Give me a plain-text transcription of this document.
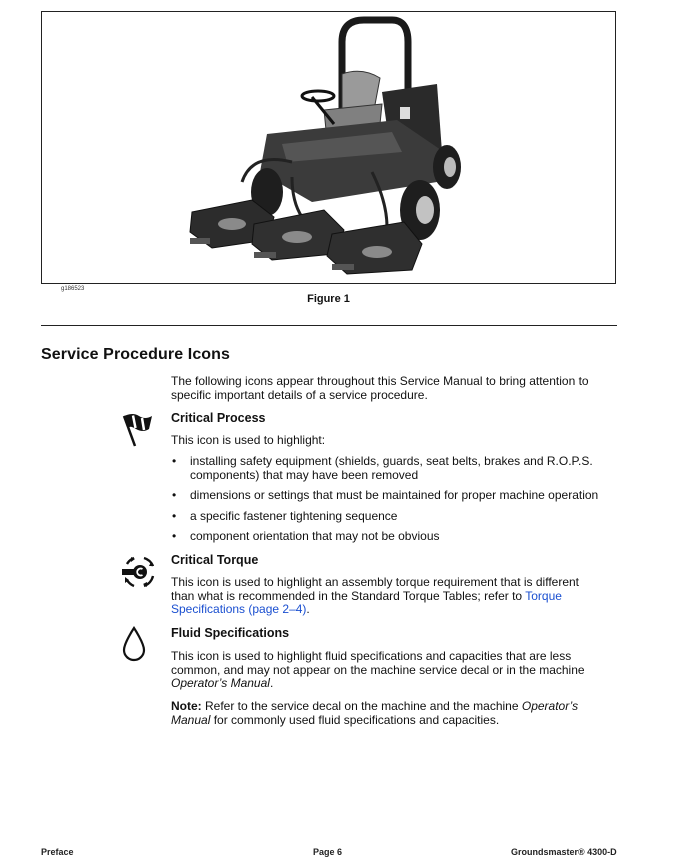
g186523
Figure 1
Service Procedure Icons

The following icons appear throughout this Service Manual to bring attention to
specific important details of a service procedure.

Critical Process

This icon is used to highlight:

• installing safety equipment (shields, guards, seat belts, brakes and R.O.P.S.
components) that may have been removed
• dimensions or settings that must be maintained for proper machine operation
• a specific fastener tightening sequence
• component orientation that may not be obvious
Critical Torque

This icon is used to highlight an assembly torque requirement that is different
than what is recommended in the Standard Torque Tables; refer to Torque
Specifications (page 2–4).

Fluid Specifications

This icon is used to highlight fluid specifications and capacities that are less
common, and may not appear on the machine service decal or in the machine
Operator’s Manual.

Note: Refer to the service decal on the machine and the machine Operator’s
Manual for commonly used fluid specifications and capacities.

Preface	Page 6	Groundsmaster® 4300-D
